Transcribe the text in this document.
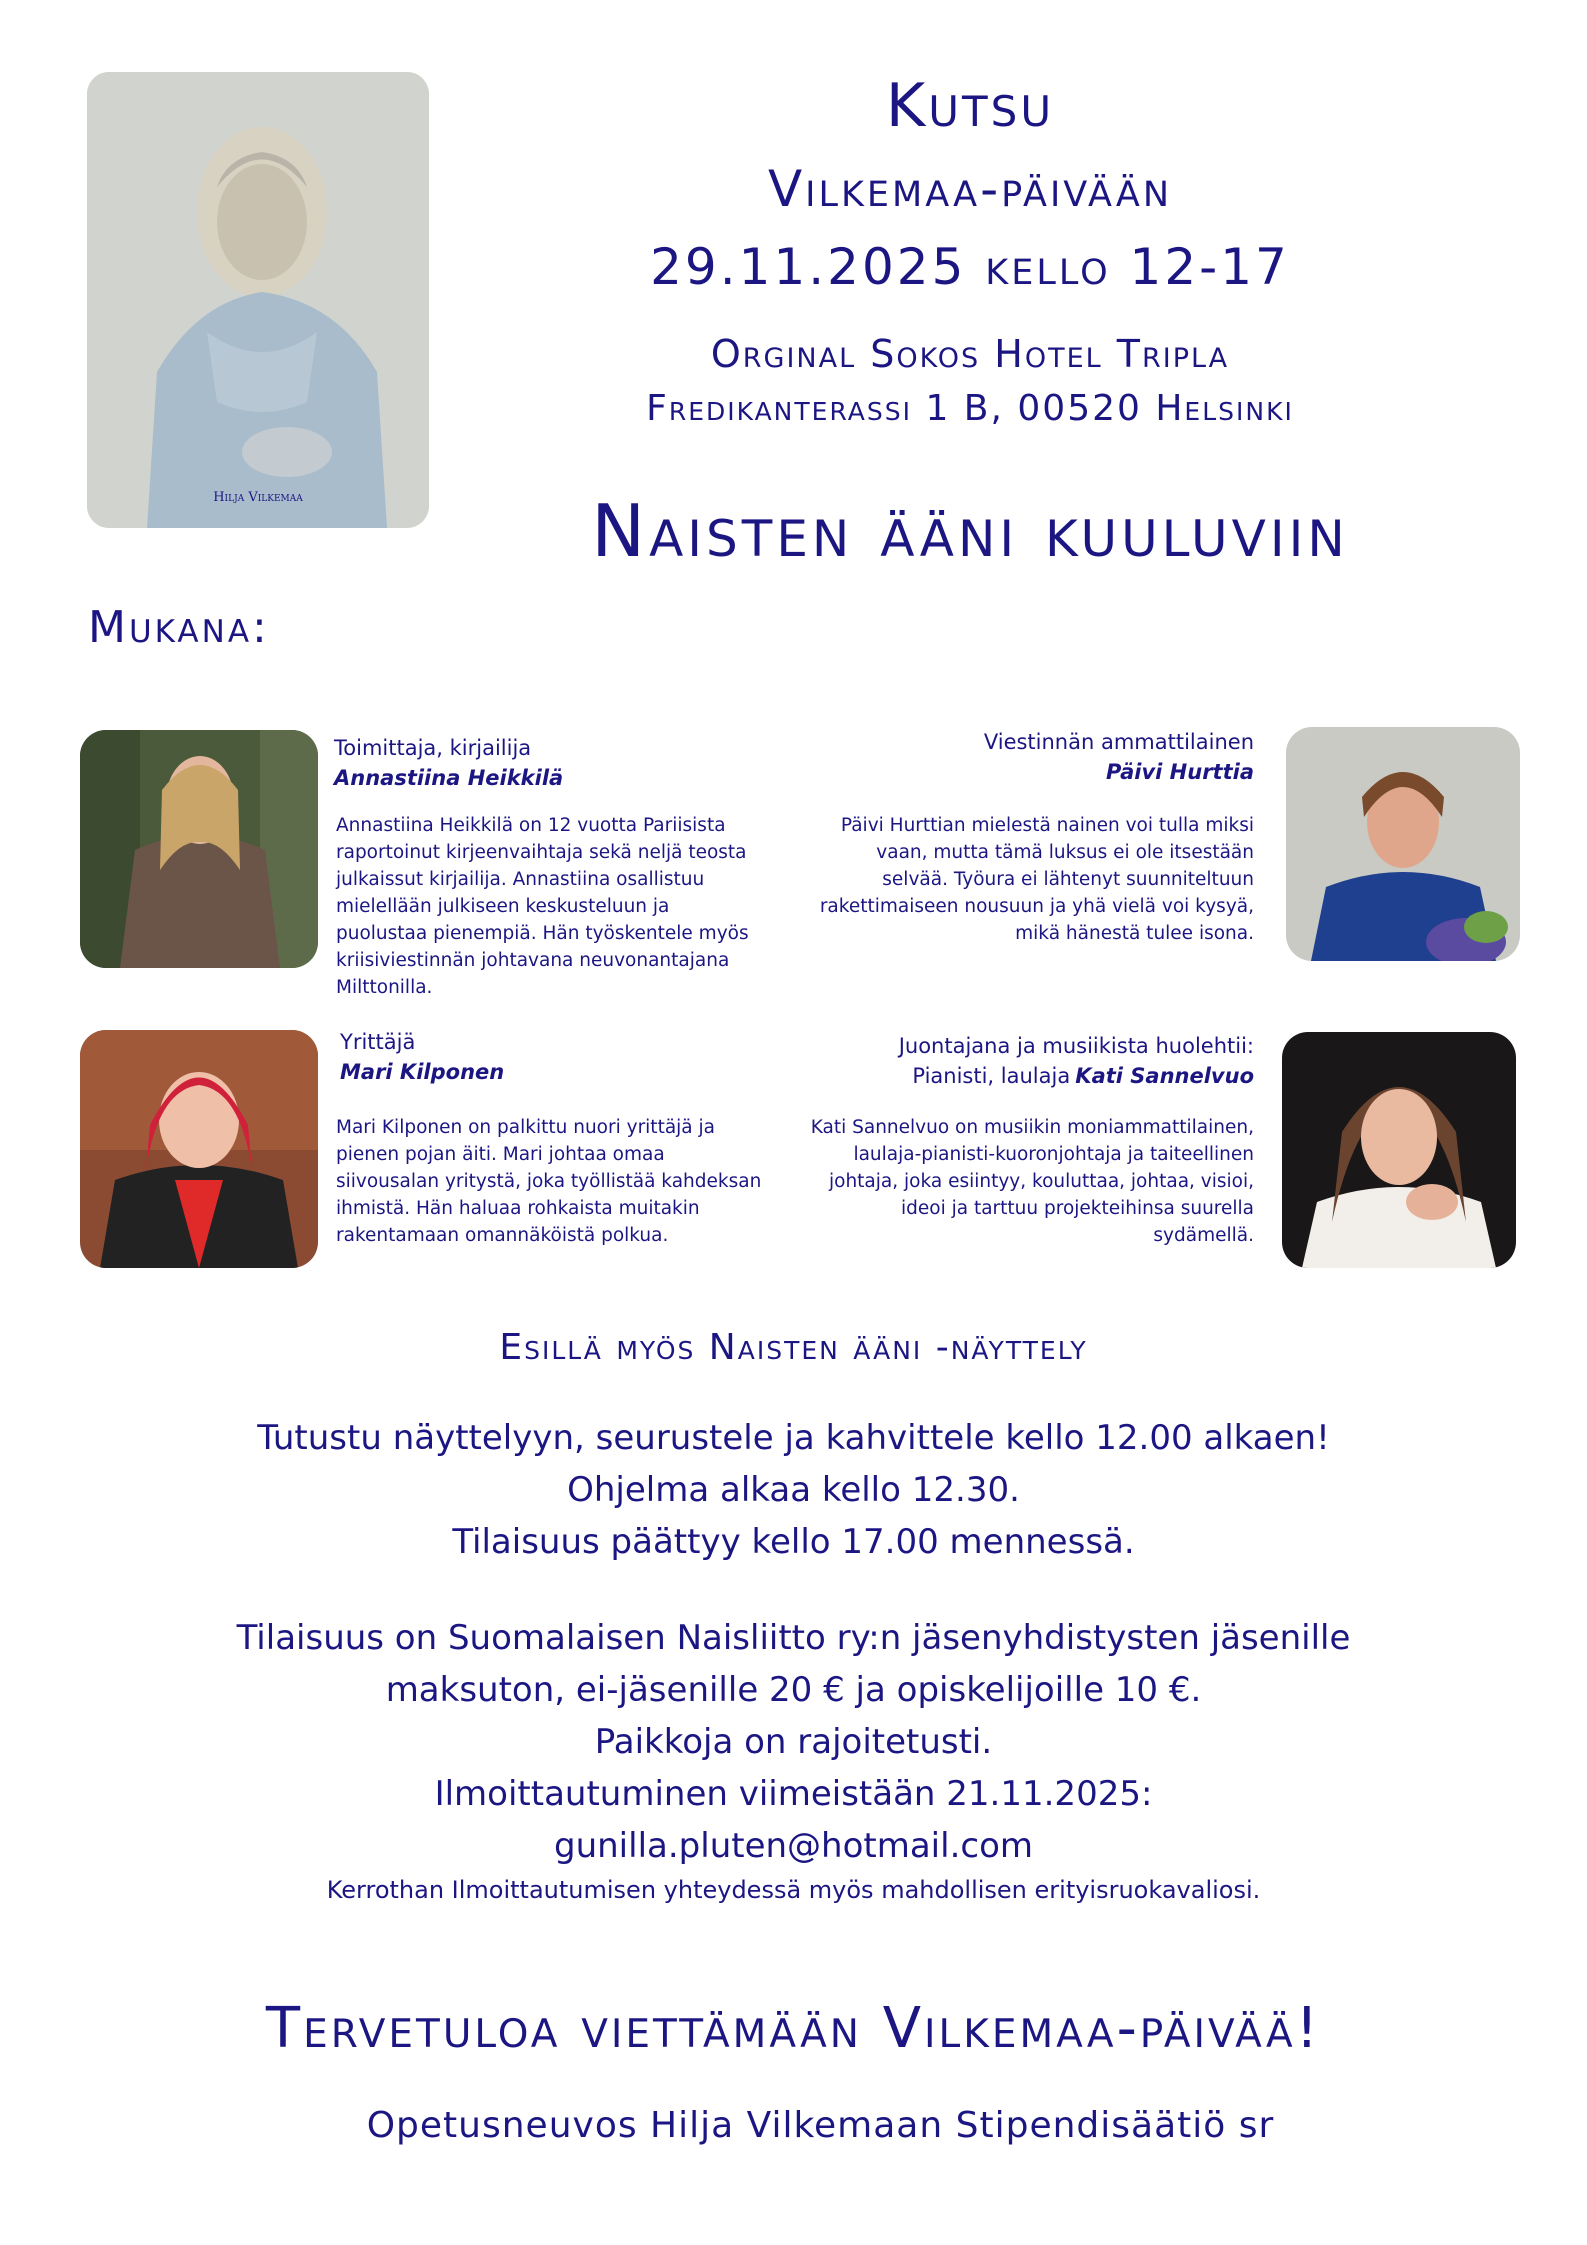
Hilja Vilkemaa
Kutsu
Vilkemaa-päivään
29.11.2025 kello 12-17
Orginal Sokos Hotel Tripla
Fredikanterassi 1 B, 00520 Helsinki
Naisten ääni kuuluviin
Mukana:
Toimittaja, kirjailija
Annastiina Heikkilä
Annastiina Heikkilä on 12 vuotta Pariisista
raportoinut kirjeenvaihtaja sekä neljä teosta
julkaissut kirjailija. Annastiina osallistuu
mielellään julkiseen keskusteluun ja
puolustaa pienempiä. Hän työskentele myös
kriisiviestinnän johtavana neuvonantajana
Milttonilla.
Viestinnän ammattilainen
Päivi Hurttia
Päivi Hurttian mielestä nainen voi tulla miksi
vaan, mutta tämä luksus ei ole itsestään
selvää. Työura ei lähtenyt suunniteltuun
rakettimaiseen nousuun ja yhä vielä voi kysyä,
mikä hänestä tulee isona.
Yrittäjä
Mari Kilponen
Mari Kilponen on palkittu nuori yrittäjä ja
pienen pojan äiti. Mari johtaa omaa
siivousalan yritystä, joka työllistää kahdeksan
ihmistä. Hän haluaa rohkaista muitakin
rakentamaan omannäköistä polkua.
Juontajana ja musiikista huolehtii:
Pianisti, laulaja Kati Sannelvuo
Kati Sannelvuo on musiikin moniammattilainen,
laulaja-pianisti-kuoronjohtaja ja taiteellinen
johtaja, joka esiintyy, kouluttaa, johtaa, visioi,
ideoi ja tarttuu projekteihinsa suurella
sydämellä.
Esillä myös Naisten ääni -näyttely
Tutustu näyttelyyn, seurustele ja kahvittele kello 12.00 alkaen!
Ohjelma alkaa kello 12.30.
Tilaisuus päättyy kello 17.00 mennessä.
Tilaisuus on Suomalaisen Naisliitto ry:n jäsenyhdistysten jäsenille
maksuton, ei-jäsenille 20 € ja opiskelijoille 10 €.
Paikkoja on rajoitetusti.
Ilmoittautuminen viimeistään 21.11.2025:
gunilla.pluten@hotmail.com
Kerrothan Ilmoittautumisen yhteydessä myös mahdollisen erityisruokavaliosi.
Tervetuloa viettämään Vilkemaa-päivää!
Opetusneuvos Hilja Vilkemaan Stipendisäätiö sr
